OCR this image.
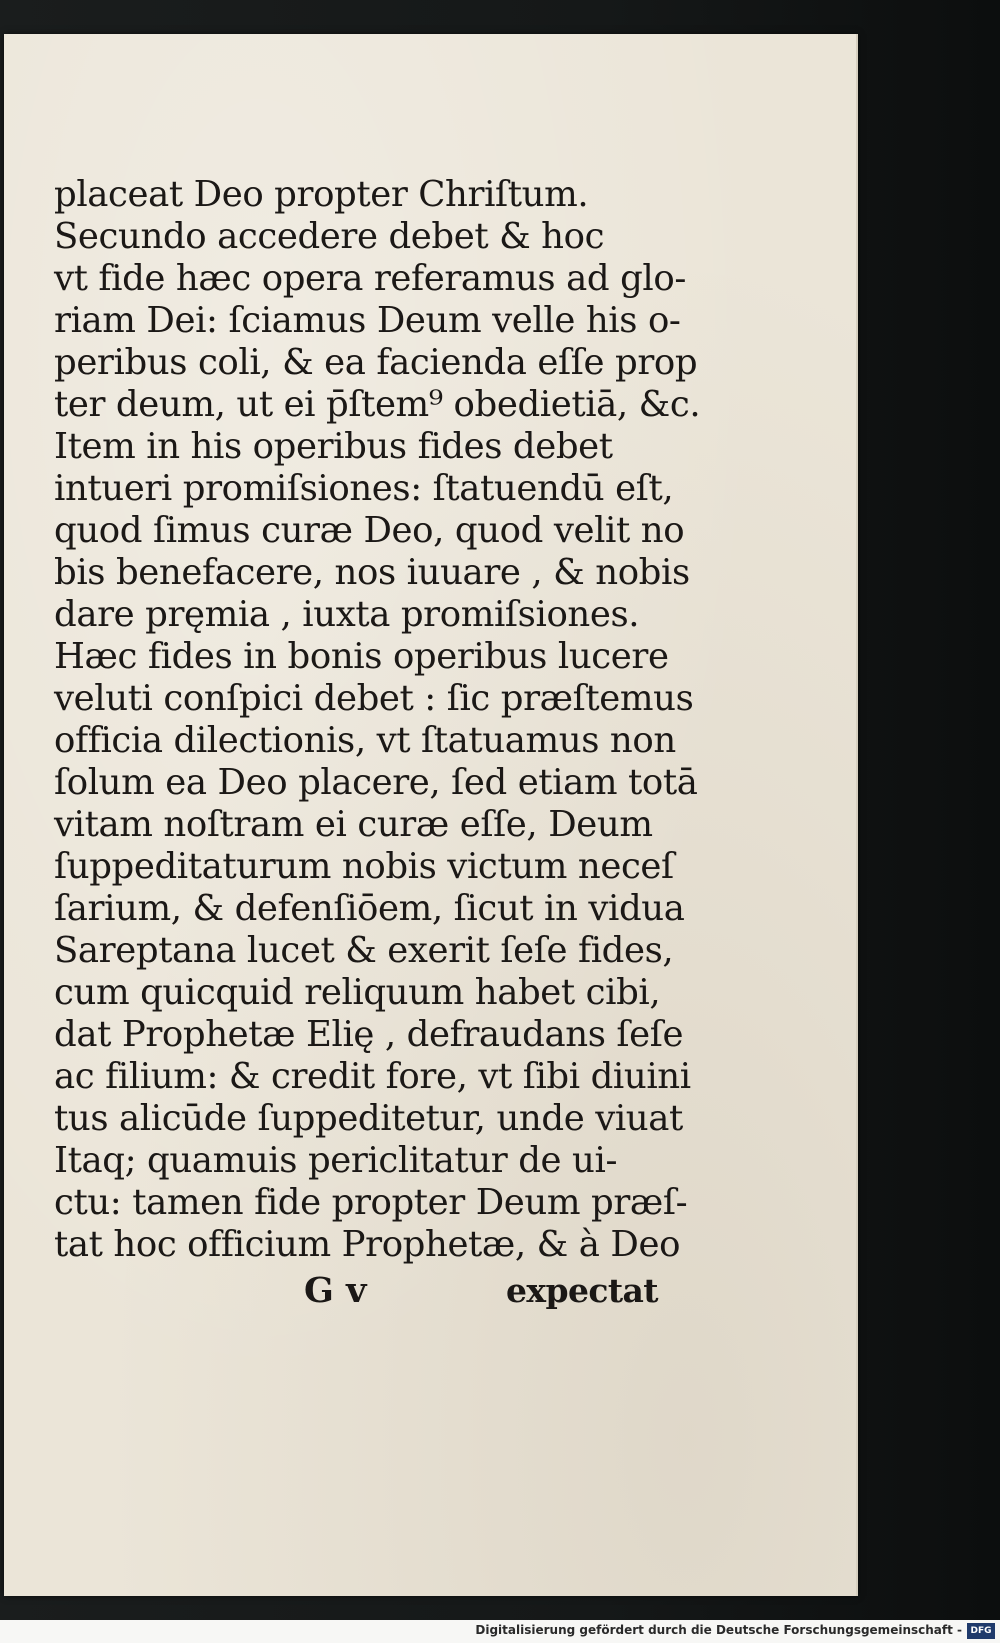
placeat Deo propter Chriſtum.

Secundo accedere debet & hoc

vt fide hæc opera referamus ad glo-

riam Dei: ſciamus Deum velle his o-

peribus coli, & ea facienda eſſe prop

ter deum, ut ei p̄ſtem⁹ obedietiā, &c.

Item in his operibus fides debet

intueri promiſsiones: ſtatuendū eſt,

quod ſimus curæ Deo, quod velit no

bis benefacere, nos iuuare , & nobis

dare pręmia , iuxta promiſsiones.

Hæc fides in bonis operibus lucere

veluti conſpici debet : ſic præſtemus

officia dilectionis, vt ſtatuamus non

ſolum ea Deo placere, ſed etiam totā

vitam noſtram ei curæ eſſe, Deum

ſuppeditaturum nobis victum neceſ

ſarium, & defenſiōem, ſicut in vidua

Sareptana lucet & exerit ſeſe fides,

cum quicquid reliquum habet cibi,

dat Prophetæ Elię , defraudans ſeſe

ac filium: & credit fore, vt ſibi diuini

tus alicūde ſuppeditetur, unde viuat

Itaq; quamuis periclitatur de ui-

ctu: tamen fide propter Deum præſ-

tat hoc officium Prophetæ, & à Deo

G v	expectat
Digitalisierung gefördert durch die Deutsche Forschungsgemeinschaft - DFG
